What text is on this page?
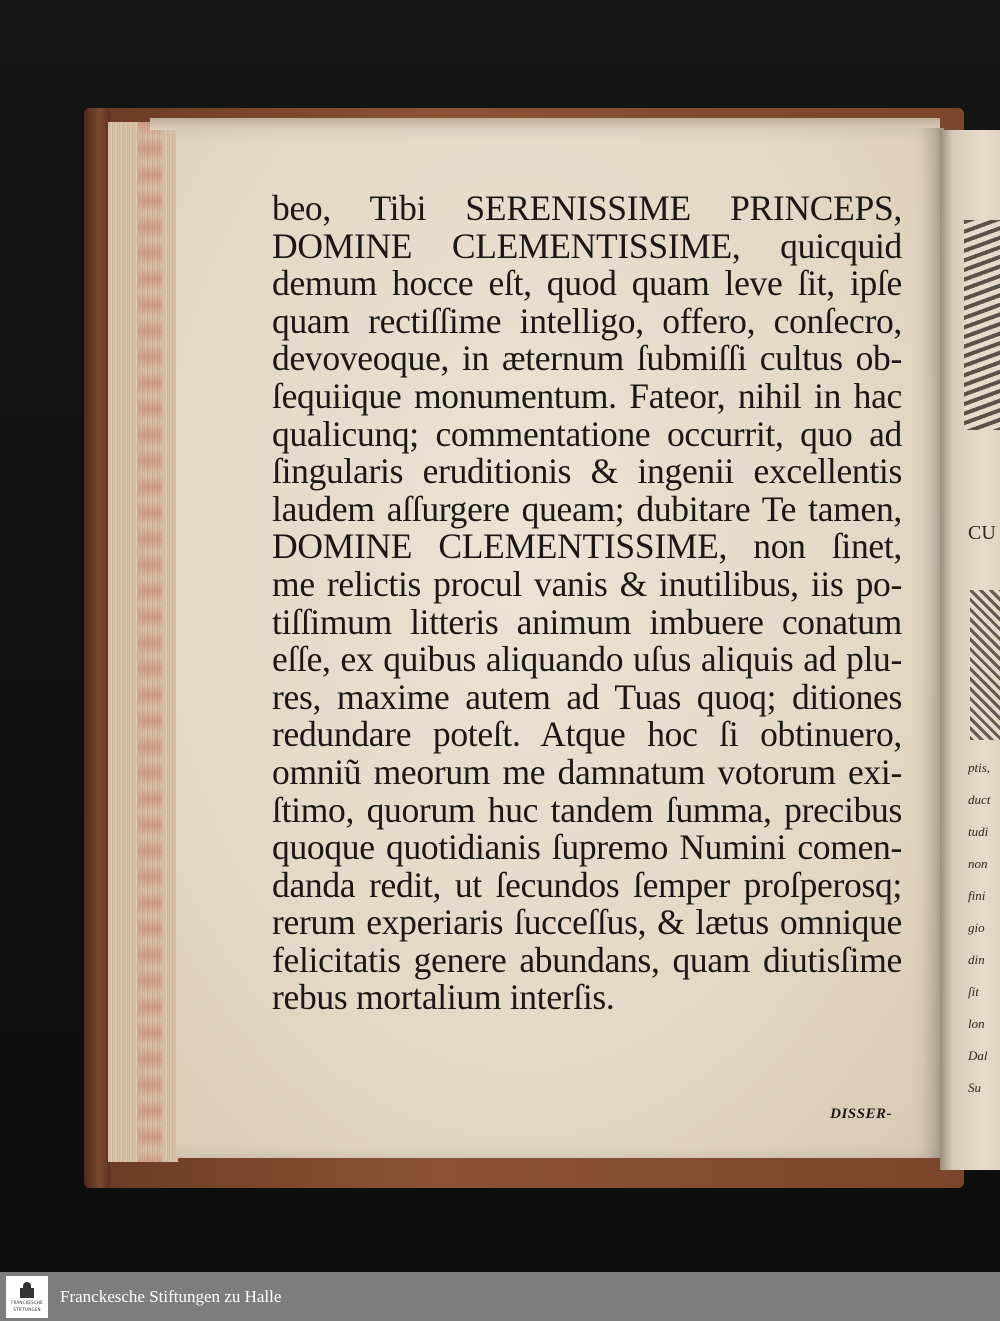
beo, Tibi SERENISSIME PRINCEPS,
DOMINE CLEMENTISSIME, quicquid
demum hocce eſt, quod quam leve ſit, ipſe
quam rectiſſime intelligo, offero, conſecro,
devoveoque, in æternum ſubmiſſi cultus ob-
ſequiique monumentum. Fateor, nihil in hac
qualicunq; commentatione occurrit, quo ad
ſingularis eruditionis & ingenii excellentis
laudem aſſurgere queam; dubitare Te tamen,
DOMINE CLEMENTISSIME, non ſinet,
me relictis procul vanis & inutilibus, iis po-
tiſſimum litteris animum imbuere conatum
eſſe, ex quibus aliquando uſus aliquis ad plu-
res, maxime autem ad Tuas quoq; ditiones
redundare poteſt. Atque hoc ſi obtinuero,
omniũ meorum me damnatum votorum exi-
ſtimo, quorum huc tandem ſumma, precibus
quoque quotidianis ſupremo Numini comen-
danda redit, ut ſecundos ſemper proſperosq;
rerum experiaris ſucceſſus, & lætus omnique
felicitatis genere abundans, quam diutisſime
rebus mortalium interſis.
DISSER-
CU
ptis,
duct
tudi
non
fini
gio
din
ſit
lon
Dal
Su
FRANCKESCHE
STIFTUNGEN
Franckesche Stiftungen zu Halle
